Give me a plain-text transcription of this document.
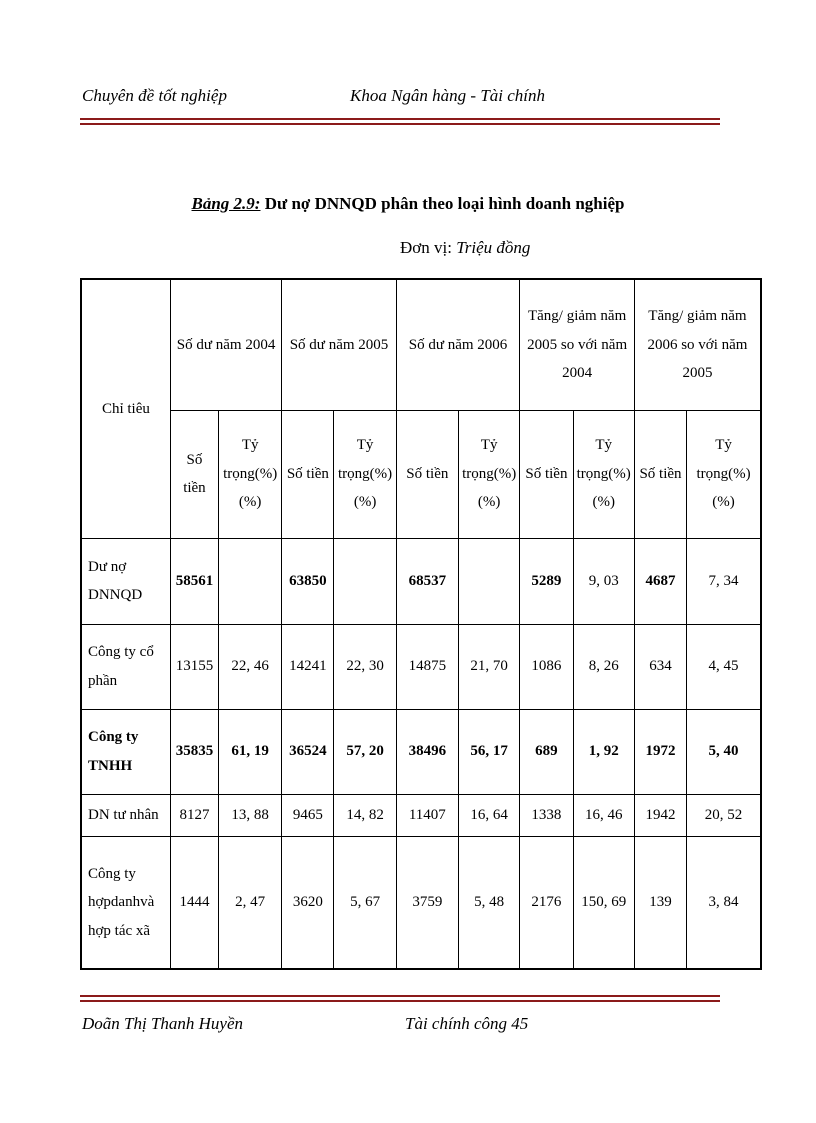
Chuyên đề tốt nghiệp	Khoa Ngân hàng - Tài chính
Bảng 2.9: Dư nợ DNNQD phân theo loại hình doanh nghiệp
Đơn vị: Triệu đồng
Chỉ tiêu	Số dư năm 2004		Số dư năm 2005		Số dư năm 2006		Tăng/ giảm năm 2005 so với năm 2004		Tăng/ giảm năm 2006 so với năm 2005	
	Số tiền	Tỷ trọng(%) (%)	Số tiền	Tỷ trọng(%) (%)	Số tiền	Tỷ trọng(%) (%)	Số tiền	Tỷ trọng(%) (%)	Số tiền	Tỷ trọng(%) (%)
Dư nợ DNNQD	58561		63850		68537		5289	9, 03	4687	7, 34
Công ty cổ phần	13155	22, 46	14241	22, 30	14875	21, 70	1086	8, 26	634	4, 45
Công ty TNHH	35835	61, 19	36524	57, 20	38496	56, 17	689	1, 92	1972	5, 40
DN tư nhân	8127	13, 88	9465	14, 82	11407	16, 64	1338	16, 46	1942	20, 52
Công ty hợpdanhvà hợp tác xã	1444	2, 47	3620	5, 67	3759	5, 48	2176	150, 69	139	3, 84
Doãn Thị Thanh Huyền	Tài chính công 45
